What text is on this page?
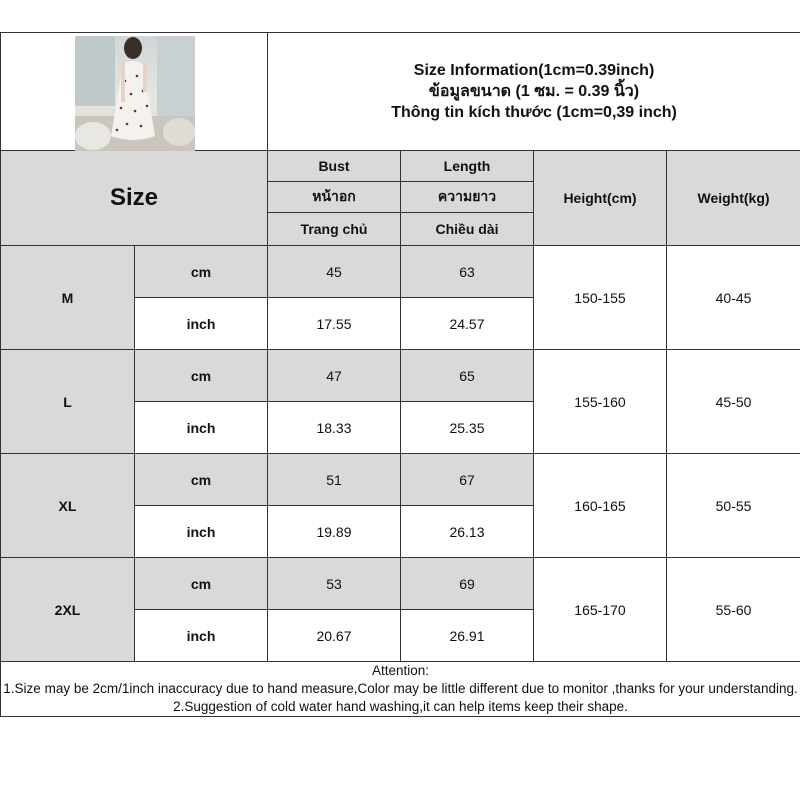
Size Information(1cm=0.39inch)
ข้อมูลขนาด (1 ซม. = 0.39 นิ้ว)
Thông tin kích thước (1cm=0,39 inch)			

Size		Bust	Length	Height(cm)	Weight(kg)
		หน้าอก	ความยาว		
		Trang chủ	Chiều dài		
M	cm	45	63	150-155	40-45
	inch	17.55	24.57		
L	cm	47	65	155-160	45-50
	inch	18.33	25.35		
XL	cm	51	67	160-165	50-55
	inch	19.89	26.13		
2XL	cm	53	69	165-170	55-60
	inch	20.67	26.91		

Attention:
1.Size may be 2cm/1inch inaccuracy due to hand measure,Color may be little different due to monitor ,thanks for your understanding.
2.Suggestion of cold water hand washing,it can help items keep their shape.					
